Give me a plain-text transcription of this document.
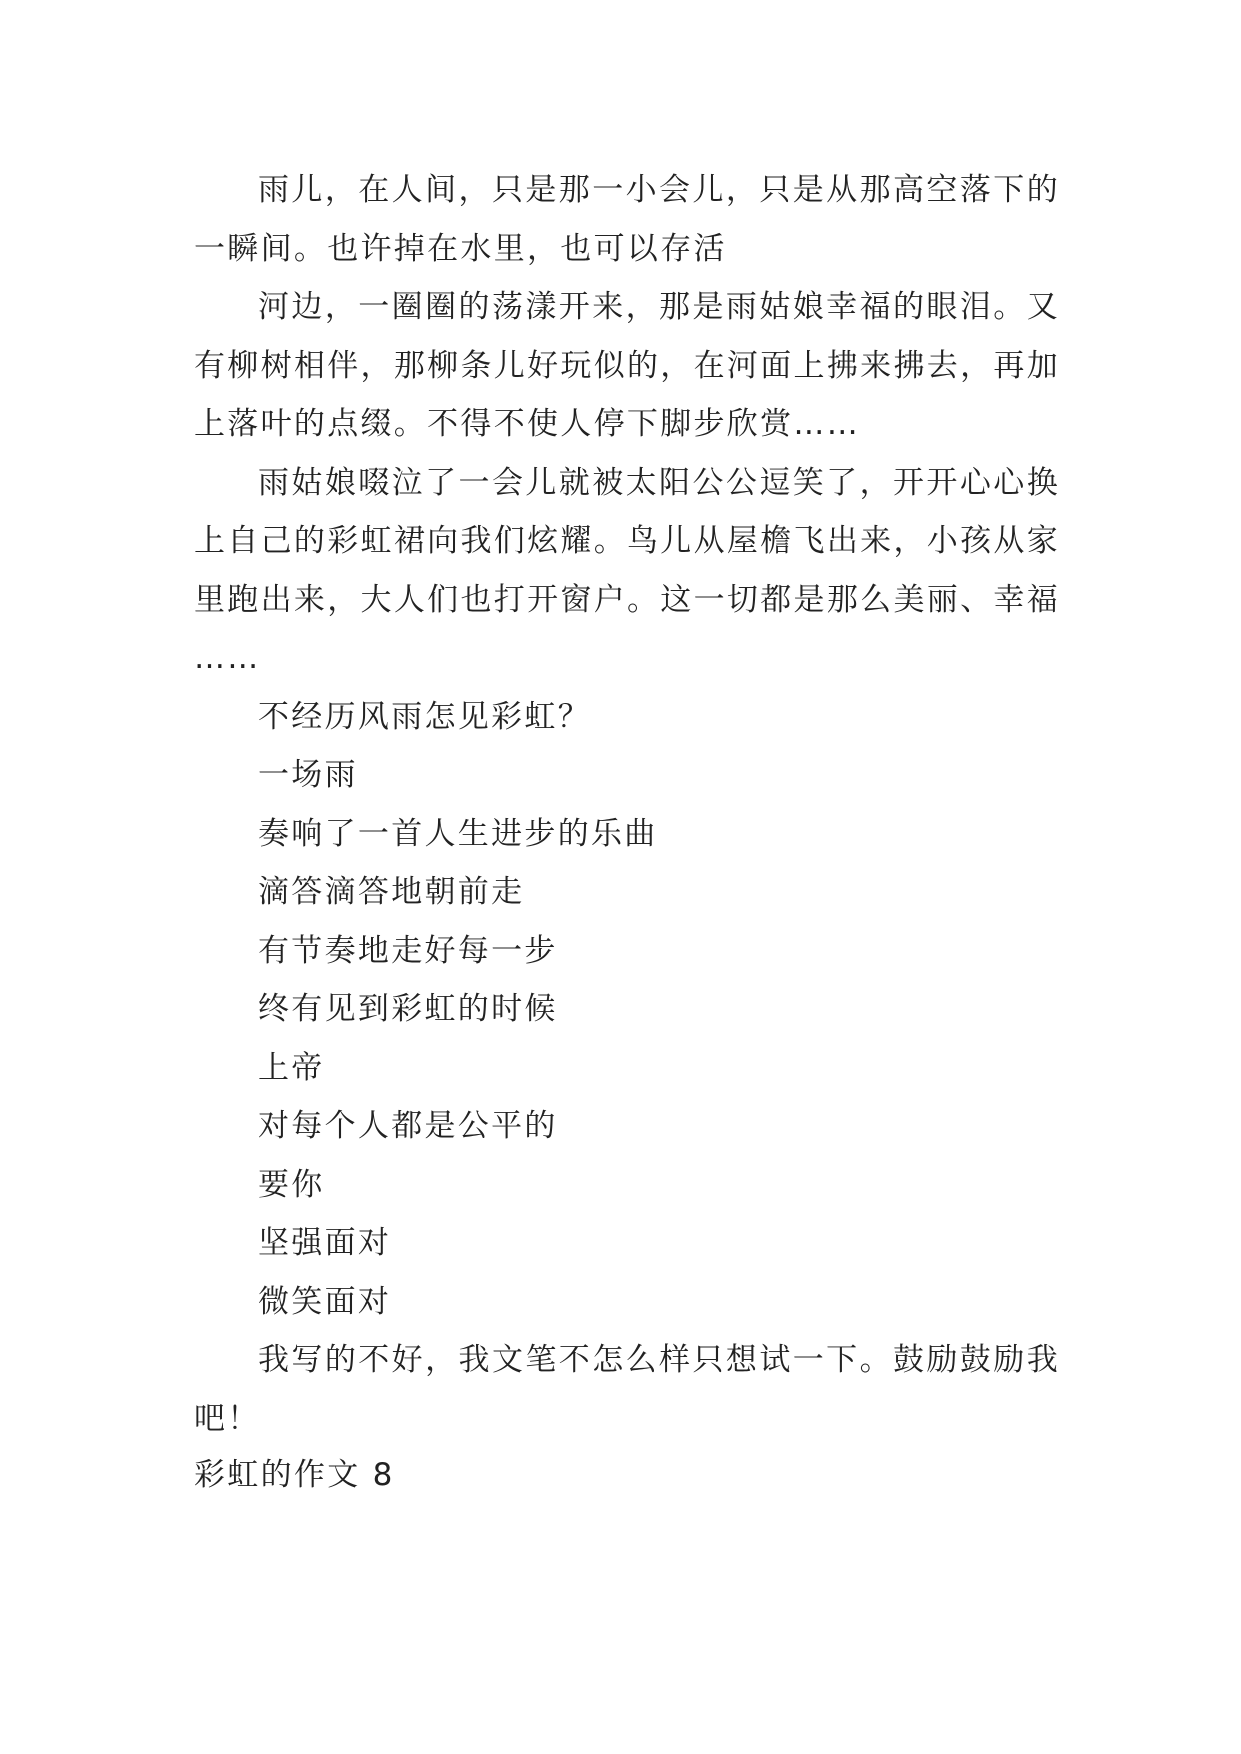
雨儿，在人间，只是那一小会儿，只是从那高空落下的一瞬间。也许掉在水里，也可以存活

河边，一圈圈的荡漾开来，那是雨姑娘幸福的眼泪。又有柳树相伴，那柳条儿好玩似的，在河面上拂来拂去，再加上落叶的点缀。不得不使人停下脚步欣赏……

雨姑娘啜泣了一会儿就被太阳公公逗笑了，开开心心换上自己的彩虹裙向我们炫耀。鸟儿从屋檐飞出来，小孩从家里跑出来，大人们也打开窗户。这一切都是那么美丽、幸福 ……

不经历风雨怎见彩虹？

一场雨

奏响了一首人生进步的乐曲

滴答滴答地朝前走

有节奏地走好每一步

终有见到彩虹的时候

上帝

对每个人都是公平的

要你

坚强面对

微笑面对

我写的不好，我文笔不怎么样只想试一下。鼓励鼓励我吧！

彩虹的作文 8
